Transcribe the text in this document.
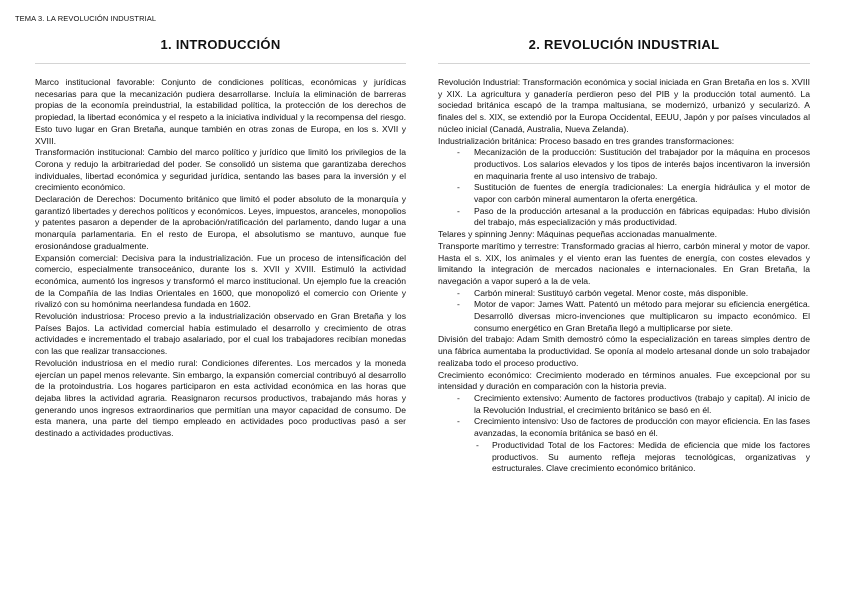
TEMA 3. LA REVOLUCIÓN INDUSTRIAL
1. INTRODUCCIÓN

Marco institucional favorable: Conjunto de condiciones políticas, económicas y jurídicas necesarias para que la mecanización pudiera desarrollarse. Incluía la eliminación de barreras propias de la economía preindustrial, la estabilidad política, la protección de los derechos de propiedad, la libertad económica y el respeto a la iniciativa individual y la recompensa del riesgo. Esto tuvo lugar en Gran Bretaña, aunque también en otras zonas de Europa, en los s. XVII y XVIII.

Transformación institucional: Cambio del marco político y jurídico que limitó los privilegios de la Corona y redujo la arbitrariedad del poder. Se consolidó un sistema que garantizaba derechos individuales, libertad económica y seguridad jurídica, sentando las bases para la inversión y el crecimiento económico.

Declaración de Derechos: Documento británico que limitó el poder absoluto de la monarquía y garantizó libertades y derechos políticos y económicos. Leyes, impuestos, aranceles, monopolios y patentes pasaron a depender de la aprobación/ratificación del parlamento, dando lugar a una monarquía parlamentaria. En el resto de Europa, el absolutismo se mantuvo, aunque fue erosionándose gradualmente.

Expansión comercial: Decisiva para la industrialización. Fue un proceso de intensificación del comercio, especialmente transoceánico, durante los s. XVII y XVIII. Estimuló la actividad económica, aumentó los ingresos y transformó el marco institucional. Un ejemplo fue la creación de la Compañía de las Indias Orientales en 1600, que monopolizó el comercio con Oriente y rivalizó con su homónima neerlandesa fundada en 1602.

Revolución industriosa: Proceso previo a la industrialización observado en Gran Bretaña y los Países Bajos. La actividad comercial había estimulado el desarrollo y crecimiento de otras actividades e incrementado el trabajo asalariado, por el cual los trabajadores recibían monedas con las que realizar transacciones.

Revolución industriosa en el medio rural: Condiciones diferentes. Los mercados y la moneda ejercían un papel menos relevante. Sin embargo, la expansión comercial contribuyó al desarrollo de la protoindustria. Los hogares participaron en esta actividad económica en las horas que dejaba libres la actividad agraria. Reasignaron recursos productivos, trabajando más horas y generando unos ingresos extraordinarios que permitían una mayor capacidad de consumo. De esta manera, una parte del tiempo empleado en actividades poco productivas pasó a ser destinado a actividades productivas.

2. REVOLUCIÓN INDUSTRIAL

Revolución Industrial: Transformación económica y social iniciada en Gran Bretaña en los s. XVIII y XIX. La agricultura y ganadería perdieron peso del PIB y la producción total aumentó. La sociedad británica escapó de la trampa maltusiana, se modernizó, urbanizó y secularizó. A finales del s. XIX, se extendió por la Europa Occidental, EEUU, Japón y por países vinculados al núcleo inicial (Canadá, Australia, Nueva Zelanda).

Industrialización británica: Proceso basado en tres grandes transformaciones:

- Mecanización de la producción: Sustitución del trabajador por la máquina en procesos productivos. Los salarios elevados y los tipos de interés bajos incentivaron la inversión en maquinaria frente al uso intensivo de trabajo.
- Sustitución de fuentes de energía tradicionales: La energía hidráulica y el motor de vapor con carbón mineral aumentaron la oferta energética.
- Paso de la producción artesanal a la producción en fábricas equipadas: Hubo división del trabajo, más especialización y más productividad.

Telares y spinning Jenny: Máquinas pequeñas accionadas manualmente.

Transporte marítimo y terrestre: Transformado gracias al hierro, carbón mineral y motor de vapor. Hasta el s. XIX, los animales y el viento eran las fuentes de energía, con costes elevados y limitando la integración de mercados nacionales e internacionales. En Gran Bretaña, la navegación a vapor superó a la de vela.

- Carbón mineral: Sustituyó carbón vegetal. Menor coste, más disponible.
- Motor de vapor: James Watt. Patentó un método para mejorar su eficiencia energética. Desarrolló diversas micro-invenciones que multiplicaron su impacto económico. El consumo energético en Gran Bretaña llegó a multiplicarse por siete.

División del trabajo: Adam Smith demostró cómo la especialización en tareas simples dentro de una fábrica aumentaba la productividad. Se oponía al modelo artesanal donde un solo trabajador realizaba todo el proceso productivo.

Crecimiento económico: Crecimiento moderado en términos anuales. Fue excepcional por su intensidad y duración en comparación con la historia previa.

- Crecimiento extensivo: Aumento de factores productivos (trabajo y capital). Al inicio de la Revolución Industrial, el crecimiento británico se basó en él.
- Crecimiento intensivo: Uso de factores de producción con mayor eficiencia. En las fases avanzadas, la economía británica se basó en él.
- Productividad Total de los Factores: Medida de eficiencia que mide los factores productivos. Su aumento refleja mejoras tecnológicas, organizativas y estructurales. Clave crecimiento económico británico.
